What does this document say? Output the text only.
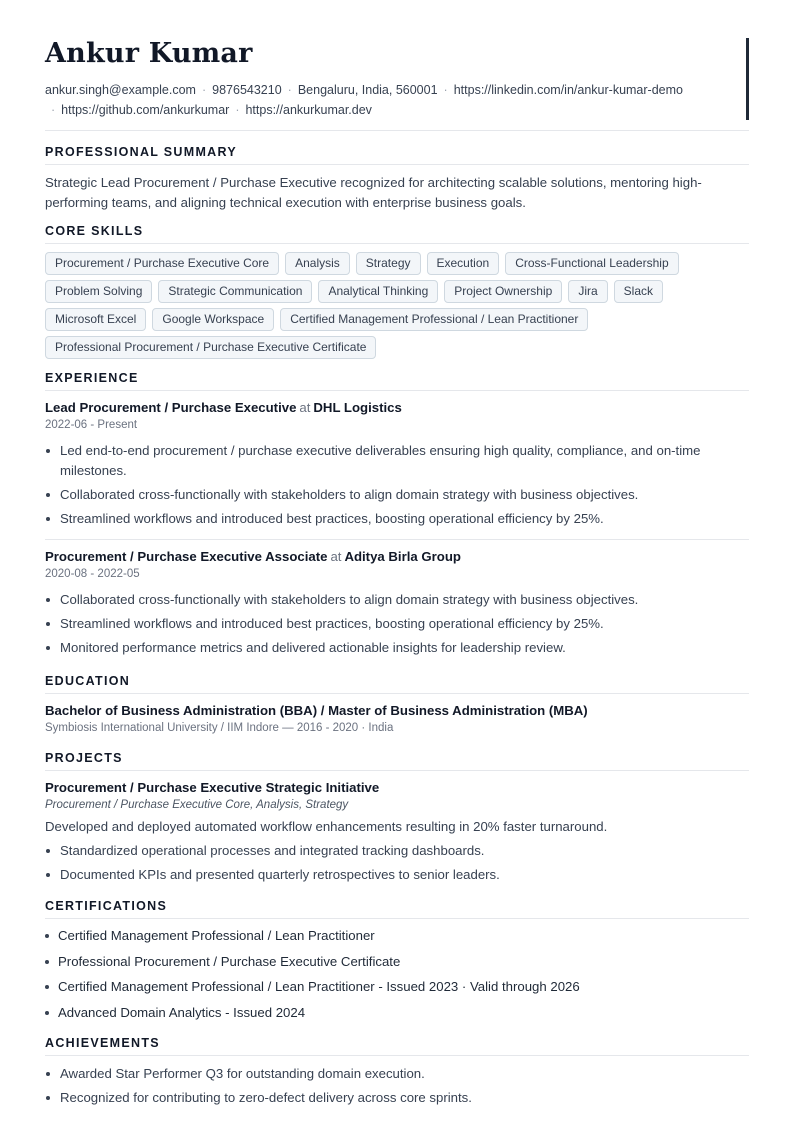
Ankur Kumar
ankur.singh@example.com · 9876543210 · Bengaluru, India, 560001 · https://linkedin.com/in/ankur-kumar-demo
· https://github.com/ankurkumar · https://ankurkumar.dev
PROFESSIONAL SUMMARY
Strategic Lead Procurement / Purchase Executive recognized for architecting scalable solutions, mentoring high-performing teams, and aligning technical execution with enterprise business goals.
CORE SKILLS
Procurement / Purchase Executive Core	Analysis	Strategy	Execution	Cross-Functional Leadership
Problem Solving	Strategic Communication	Analytical Thinking	Project Ownership	Jira	Slack
Microsoft Excel	Google Workspace	Certified Management Professional / Lean Practitioner
Professional Procurement / Purchase Executive Certificate
EXPERIENCE
Lead Procurement / Purchase Executive at DHL Logistics
2022-06 - Present
Led end-to-end procurement / purchase executive deliverables ensuring high quality, compliance, and on-time milestones.
Collaborated cross-functionally with stakeholders to align domain strategy with business objectives.
Streamlined workflows and introduced best practices, boosting operational efficiency by 25%.
Procurement / Purchase Executive Associate at Aditya Birla Group
2020-08 - 2022-05
Collaborated cross-functionally with stakeholders to align domain strategy with business objectives.
Streamlined workflows and introduced best practices, boosting operational efficiency by 25%.
Monitored performance metrics and delivered actionable insights for leadership review.
EDUCATION
Bachelor of Business Administration (BBA) / Master of Business Administration (MBA)
Symbiosis International University / IIM Indore — 2016 - 2020 · India
PROJECTS
Procurement / Purchase Executive Strategic Initiative
Procurement / Purchase Executive Core, Analysis, Strategy
Developed and deployed automated workflow enhancements resulting in 20% faster turnaround.
Standardized operational processes and integrated tracking dashboards.
Documented KPIs and presented quarterly retrospectives to senior leaders.
CERTIFICATIONS
Certified Management Professional / Lean Practitioner
Professional Procurement / Purchase Executive Certificate
Certified Management Professional / Lean Practitioner - Issued 2023 · Valid through 2026
Advanced Domain Analytics - Issued 2024
ACHIEVEMENTS
Awarded Star Performer Q3 for outstanding domain execution.
Recognized for contributing to zero-defect delivery across core sprints.
